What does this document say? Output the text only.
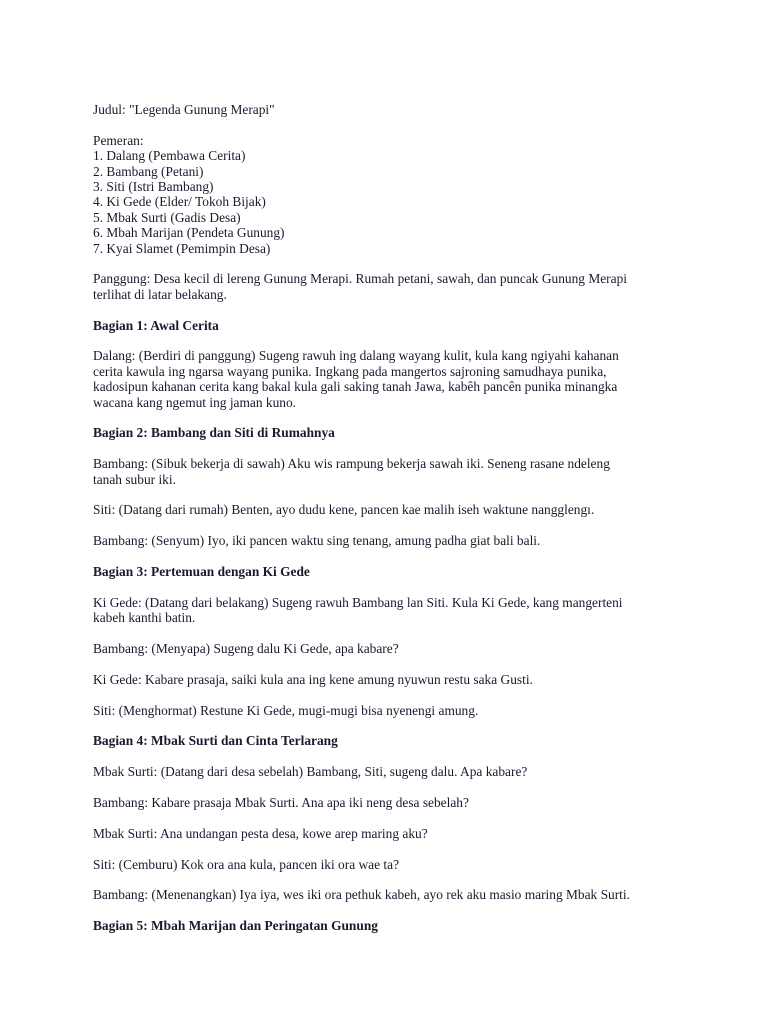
Judul: "Legenda Gunung Merapi"
Pemeran:
1. Dalang (Pembawa Cerita)
2. Bambang (Petani)
3. Siti (Istri Bambang)
4. Ki Gede (Elder/ Tokoh Bijak)
5. Mbak Surti (Gadis Desa)
6. Mbah Marijan (Pendeta Gunung)
7. Kyai Slamet (Pemimpin Desa)
Panggung: Desa kecil di lereng Gunung Merapi. Rumah petani, sawah, dan puncak Gunung Merapi
terlihat di latar belakang.
Bagian 1: Awal Cerita
Dalang: (Berdiri di panggung) Sugeng rawuh ing dalang wayang kulit, kula kang ngiyahi kahanan
cerita kawula ing ngarsa wayang punika. Ingkang pada mangertos sajroning samudhaya punika,
kadosipun kahanan cerita kang bakal kula gali saking tanah Jawa, kabêh pancên punika minangka
wacana kang ngemut ing jaman kuno.
Bagian 2: Bambang dan Siti di Rumahnya
Bambang: (Sibuk bekerja di sawah) Aku wis rampung bekerja sawah iki. Seneng rasane ndeleng
tanah subur iki.
Siti: (Datang dari rumah) Benten, ayo dudu kene, pancen kae malih iseh waktune nangglengı.
Bambang: (Senyum) Iyo, iki pancen waktu sing tenang, amung padha giat bali bali.
Bagian 3: Pertemuan dengan Ki Gede
Ki Gede: (Datang dari belakang) Sugeng rawuh Bambang lan Siti. Kula Ki Gede, kang mangerteni
kabeh kanthi batin.
Bambang: (Menyapa) Sugeng dalu Ki Gede, apa kabare?
Ki Gede: Kabare prasaja, saiki kula ana ing kene amung nyuwun restu saka Gusti.
Siti: (Menghormat) Restune Ki Gede, mugi-mugi bisa nyenengi amung.
Bagian 4: Mbak Surti dan Cinta Terlarang
Mbak Surti: (Datang dari desa sebelah) Bambang, Siti, sugeng dalu. Apa kabare?
Bambang: Kabare prasaja Mbak Surti. Ana apa iki neng desa sebelah?
Mbak Surti: Ana undangan pesta desa, kowe arep maring aku?
Siti: (Cemburu) Kok ora ana kula, pancen iki ora wae ta?
Bambang: (Menenangkan) Iya iya, wes iki ora pethuk kabeh, ayo rek aku masio maring Mbak Surti.
Bagian 5: Mbah Marijan dan Peringatan Gunung
